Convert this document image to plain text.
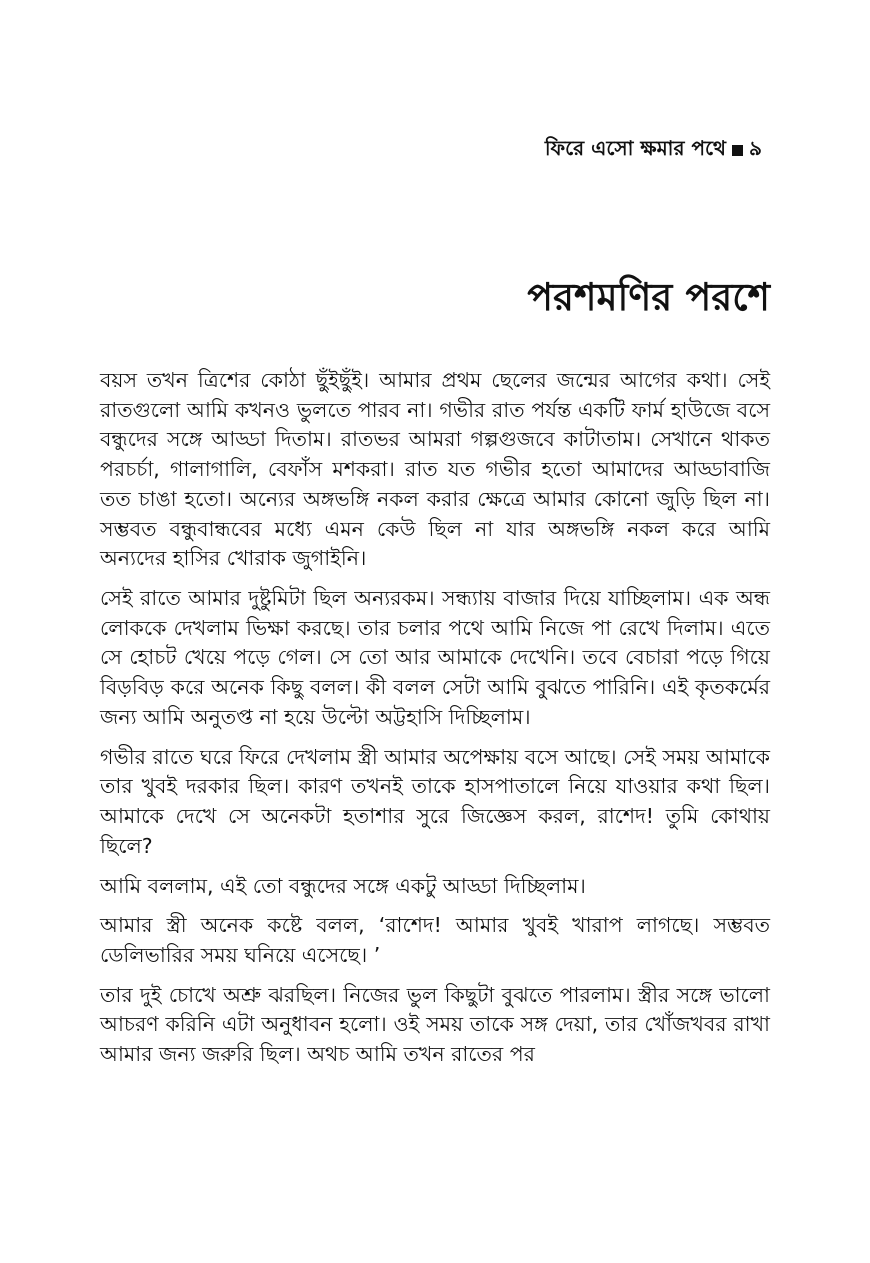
ফিরে এসো ক্ষমার পথে ৯
পরশমণির পরশে

বয়স তখন ত্রিশের কোঠা ছুঁইছুঁই। আমার প্রথম ছেলের জন্মের আগের কথা। সেই রাতগুলো আমি কখনও ভুলতে পারব না। গভীর রাত পর্যন্ত একটি ফার্ম হাউজে বসে বন্ধুদের সঙ্গে আড্ডা দিতাম। রাতভর আমরা গল্পগুজবে কাটাতাম। সেখানে থাকত পরচর্চা, গালাগালি, বেফাঁস মশকরা। রাত যত গভীর হতো আমাদের আড্ডাবাজি তত চাঙা হতো। অন্যের অঙ্গভঙ্গি নকল করার ক্ষেত্রে আমার কোনো জুড়ি ছিল না। সম্ভবত বন্ধুবান্ধবের মধ্যে এমন কেউ ছিল না যার অঙ্গভঙ্গি নকল করে আমি অন্যদের হাসির খোরাক জুগাইনি।

সেই রাতে আমার দুষ্টুমিটা ছিল অন্যরকম। সন্ধ্যায় বাজার দিয়ে যাচ্ছিলাম। এক অন্ধ লোককে দেখলাম ভিক্ষা করছে। তার চলার পথে আমি নিজে পা রেখে দিলাম। এতে সে হোচট খেয়ে পড়ে গেল। সে তো আর আমাকে দেখেনি। তবে বেচারা পড়ে গিয়ে বিড়বিড় করে অনেক কিছু বলল। কী বলল সেটা আমি বুঝতে পারিনি। এই কৃতকর্মের জন্য আমি অনুতপ্ত না হয়ে উল্টো অট্টহাসি দিচ্ছিলাম।

গভীর রাতে ঘরে ফিরে দেখলাম স্ত্রী আমার অপেক্ষায় বসে আছে। সেই সময় আমাকে তার খুবই দরকার ছিল। কারণ তখনই তাকে হাসপাতালে নিয়ে যাওয়ার কথা ছিল। আমাকে দেখে সে অনেকটা হতাশার সুরে জিজ্ঞেস করল, রাশেদ! তুমি কোথায় ছিলে?

আমি বললাম, এই তো বন্ধুদের সঙ্গে একটু আড্ডা দিচ্ছিলাম।

আমার স্ত্রী অনেক কষ্টে বলল, ‘রাশেদ! আমার খুবই খারাপ লাগছে। সম্ভবত ডেলিভারির সময় ঘনিয়ে এসেছে। ’

তার দুই চোখে অশ্রু ঝরছিল। নিজের ভুল কিছুটা বুঝতে পারলাম। স্ত্রীর সঙ্গে ভালো আচরণ করিনি এটা অনুধাবন হলো। ওই সময় তাকে সঙ্গ দেয়া, তার খোঁজখবর রাখা আমার জন্য জরুরি ছিল। অথচ আমি তখন রাতের পর
